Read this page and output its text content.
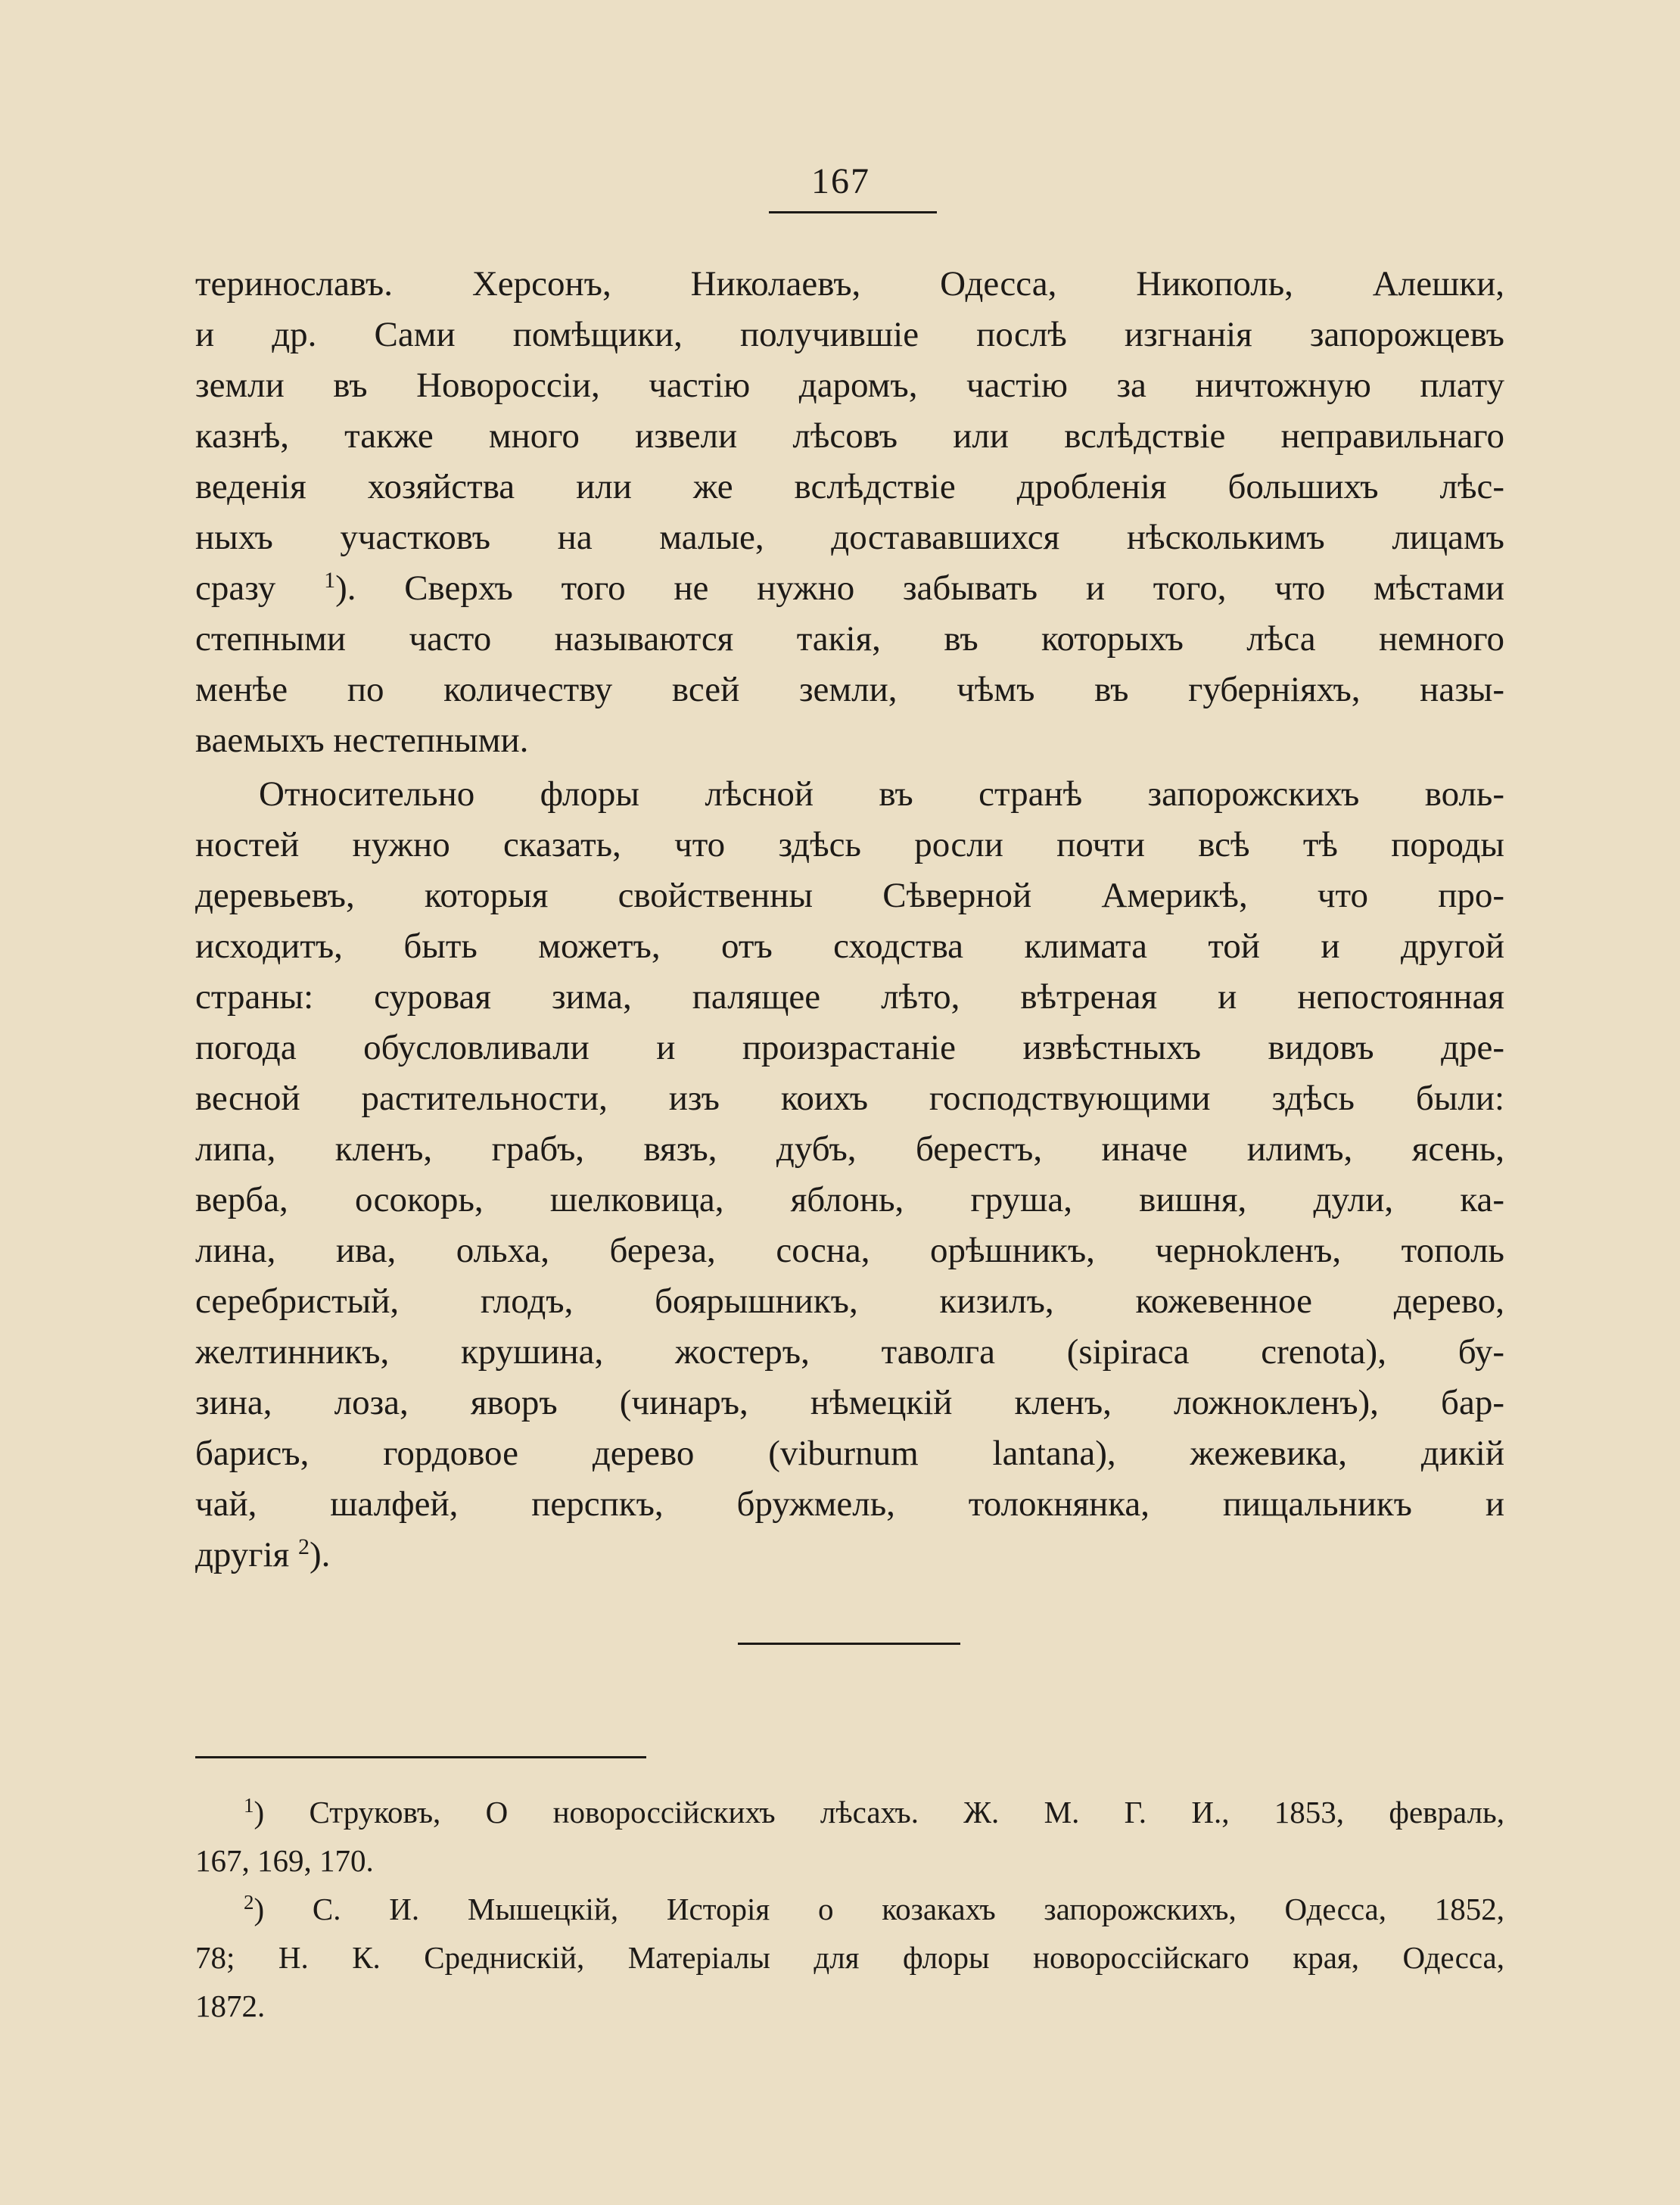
167
териноcлавъ. Херсонъ, Николаевъ, Одесса, Никополь, Алешки,
и др. Сами помѣщики, получившіе послѣ изгнанія запорожцевъ
земли въ Новороссіи, частію даромъ, частію за ничтожную плату
казнѣ, также много извели лѣсовъ или вслѣдствіе неправильнаго
веденія хозяйства или же вслѣдствіе дробленія большихъ лѣс-
ныхъ участковъ на малые, достававшихся нѣсколькимъ лицамъ
сразу $^1$). Сверхъ того не нужно забывать и того, что мѣстами
степными часто называются такія, въ которыхъ лѣса немного
менѣе по количеству всей земли, чѣмъ въ губерніяхъ, назы-
ваемыхъ нестепными.
Относительно флоры лѣсной въ странѣ запорожскихъ воль-
ностей нужно сказать, что здѣсь росли почти всѣ тѣ породы
деревьевъ, которыя свойственны Сѣверной Америкѣ, что про-
исходитъ, быть можетъ, отъ сходства климата той и другой
страны: суровая зима, палящее лѣто, вѣтреная и непостоянная
погода обусловливали и произрастаніе извѣстныхъ видовъ дре-
весной растительности, изъ коихъ господствующими здѣсь были:
липа, кленъ, грабъ, вязъ, дубъ, берестъ, иначе илимъ, ясень,
верба, осокорь, шелковица, яблонь, груша, вишня, дули, ка-
лина, ива, ольха, береза, сосна, орѣшникъ, черноkленъ, тополь
серебристый, глодъ, боярышникъ, кизилъ, кожевенное дерево,
желтинникъ, крушина, жостеръ, таволга (sipiraca crenota), бу-
зина, лоза, яворъ (чинаръ, нѣмецкій кленъ, ложнокленъ), бар-
барисъ, гордовое дерево (viburnum lantana), жежевика, дикій
чай, шалфей, перспкъ, бружмель, толокнянка, пищальникъ и
другія $^2$).
$^1$) Струковъ, О новороссійскихъ лѣсахъ. Ж. М. Г. И., 1853, февраль,
167, 169, 170.
$^2$) С. И. Мышецкій, Исторія о козакахъ запорожскихъ, Одесса, 1852,
78; Н. К. Среднискій, Матеріалы для флоры новороссійскаго края, Одесса,
1872.
